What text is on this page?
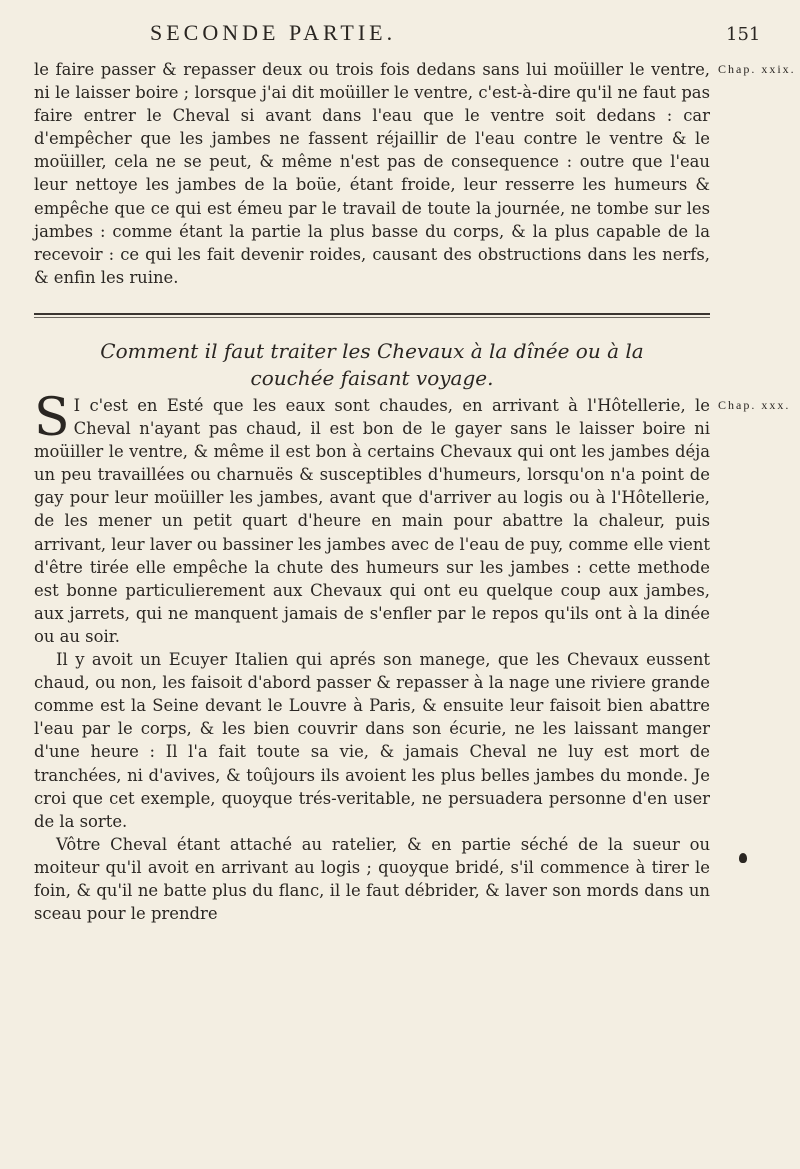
SECONDE PARTIE.	151
Chap. xxix.

le faire passer & repasser deux ou trois fois dedans sans lui moüiller le ventre, ni le laisser boire ; lorsque j'ai dit moüiller le ventre, c'est-à-dire qu'il ne faut pas faire entrer le Cheval si avant dans l'eau que le ventre soit dedans : car d'empêcher que les jambes ne fassent réjaillir de l'eau contre le ventre & le moüiller, cela ne se peut, & même n'est pas de consequence : outre que l'eau leur nettoye les jambes de la boüe, étant froide, leur resserre les humeurs & empêche que ce qui est émeu par le travail de toute la journée, ne tombe sur les jambes : comme étant la partie la plus basse du corps, & la plus capable de la recevoir : ce qui les fait devenir roides, causant des obstructions dans les nerfs, & enfin les ruine.

Comment il faut traiter les Chevaux à la dînée ou à la
couchée faisant voyage.
Chap. xxx.

S I c'est en Esté que les eaux sont chaudes, en arrivant à l'Hôtellerie, le Cheval n'ayant pas chaud, il est bon de le gayer sans le laisser boire ni moüiller le ventre, & même il est bon à certains Chevaux qui ont les jambes déja un peu travaillées ou charnuës & susceptibles d'humeurs, lorsqu'on n'a point de gay pour leur moüiller les jambes, avant que d'arriver au logis ou à l'Hôtellerie, de les mener un petit quart d'heure en main pour abattre la chaleur, puis arrivant, leur laver ou bassiner les jambes avec de l'eau de puy, comme elle vient d'être tirée elle empêche la chute des humeurs sur les jambes : cette methode est bonne particulierement aux Chevaux qui ont eu quelque coup aux jambes, aux jarrets, qui ne manquent jamais de s'enfler par le repos qu'ils ont à la dinée ou au soir.

Il y avoit un Ecuyer Italien qui aprés son manege, que les Chevaux eussent chaud, ou non, les faisoit d'abord passer & repasser à la nage une riviere grande comme est la Seine devant le Louvre à Paris, & ensuite leur faisoit bien abattre l'eau par le corps, & les bien couvrir dans son écurie, ne les laissant manger d'une heure : Il l'a fait toute sa vie, & jamais Cheval ne luy est mort de tranchées, ni d'avives, & toûjours ils avoient les plus belles jambes du monde. Je croi que cet exemple, quoyque trés-veritable, ne persuadera personne d'en user de la sorte.

Vôtre Cheval étant attaché au ratelier, & en partie séché de la sueur ou moiteur qu'il avoit en arrivant au logis ; quoyque bridé, s'il commence à tirer le foin, & qu'il ne batte plus du flanc, il le faut débrider, & laver son mords dans un sceau pour le prendre
